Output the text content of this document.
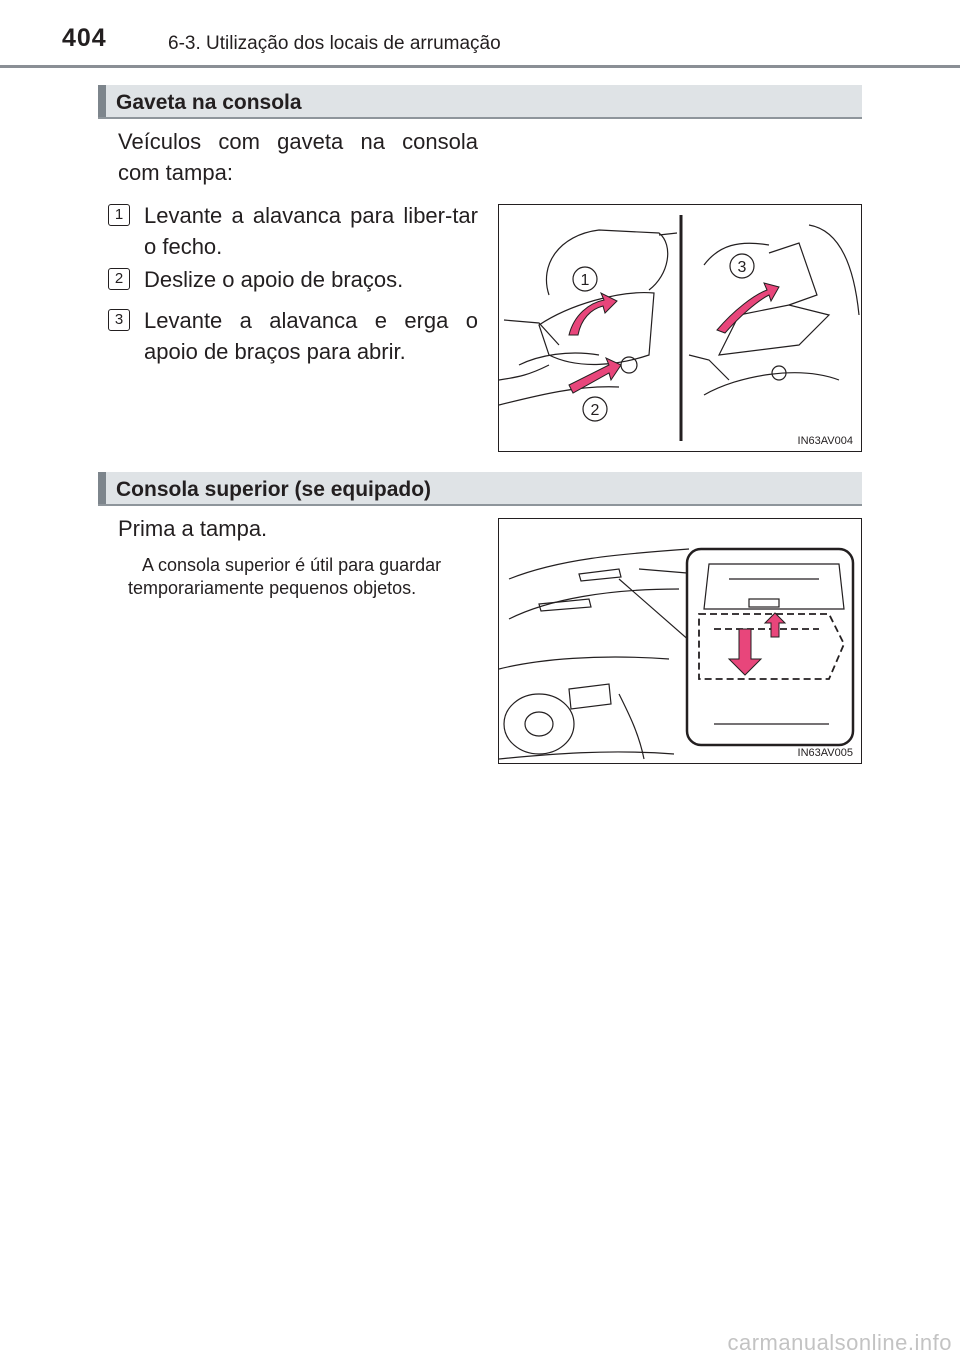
404	6-3. Utilização dos locais de arrumação
Gaveta na consola
Veículos com gaveta na consola com tampa:
1 Levante a alavanca para liber-tar o fecho.
2 Deslize o apoio de braços.
3 Levante a alavanca e erga o apoio de braços para abrir.
1
2
3
IN63AV004
Consola superior (se equipado)
Prima a tampa.
A consola superior é útil para guardar temporariamente pequenos objetos.
IN63AV005
carmanualsonline.info
